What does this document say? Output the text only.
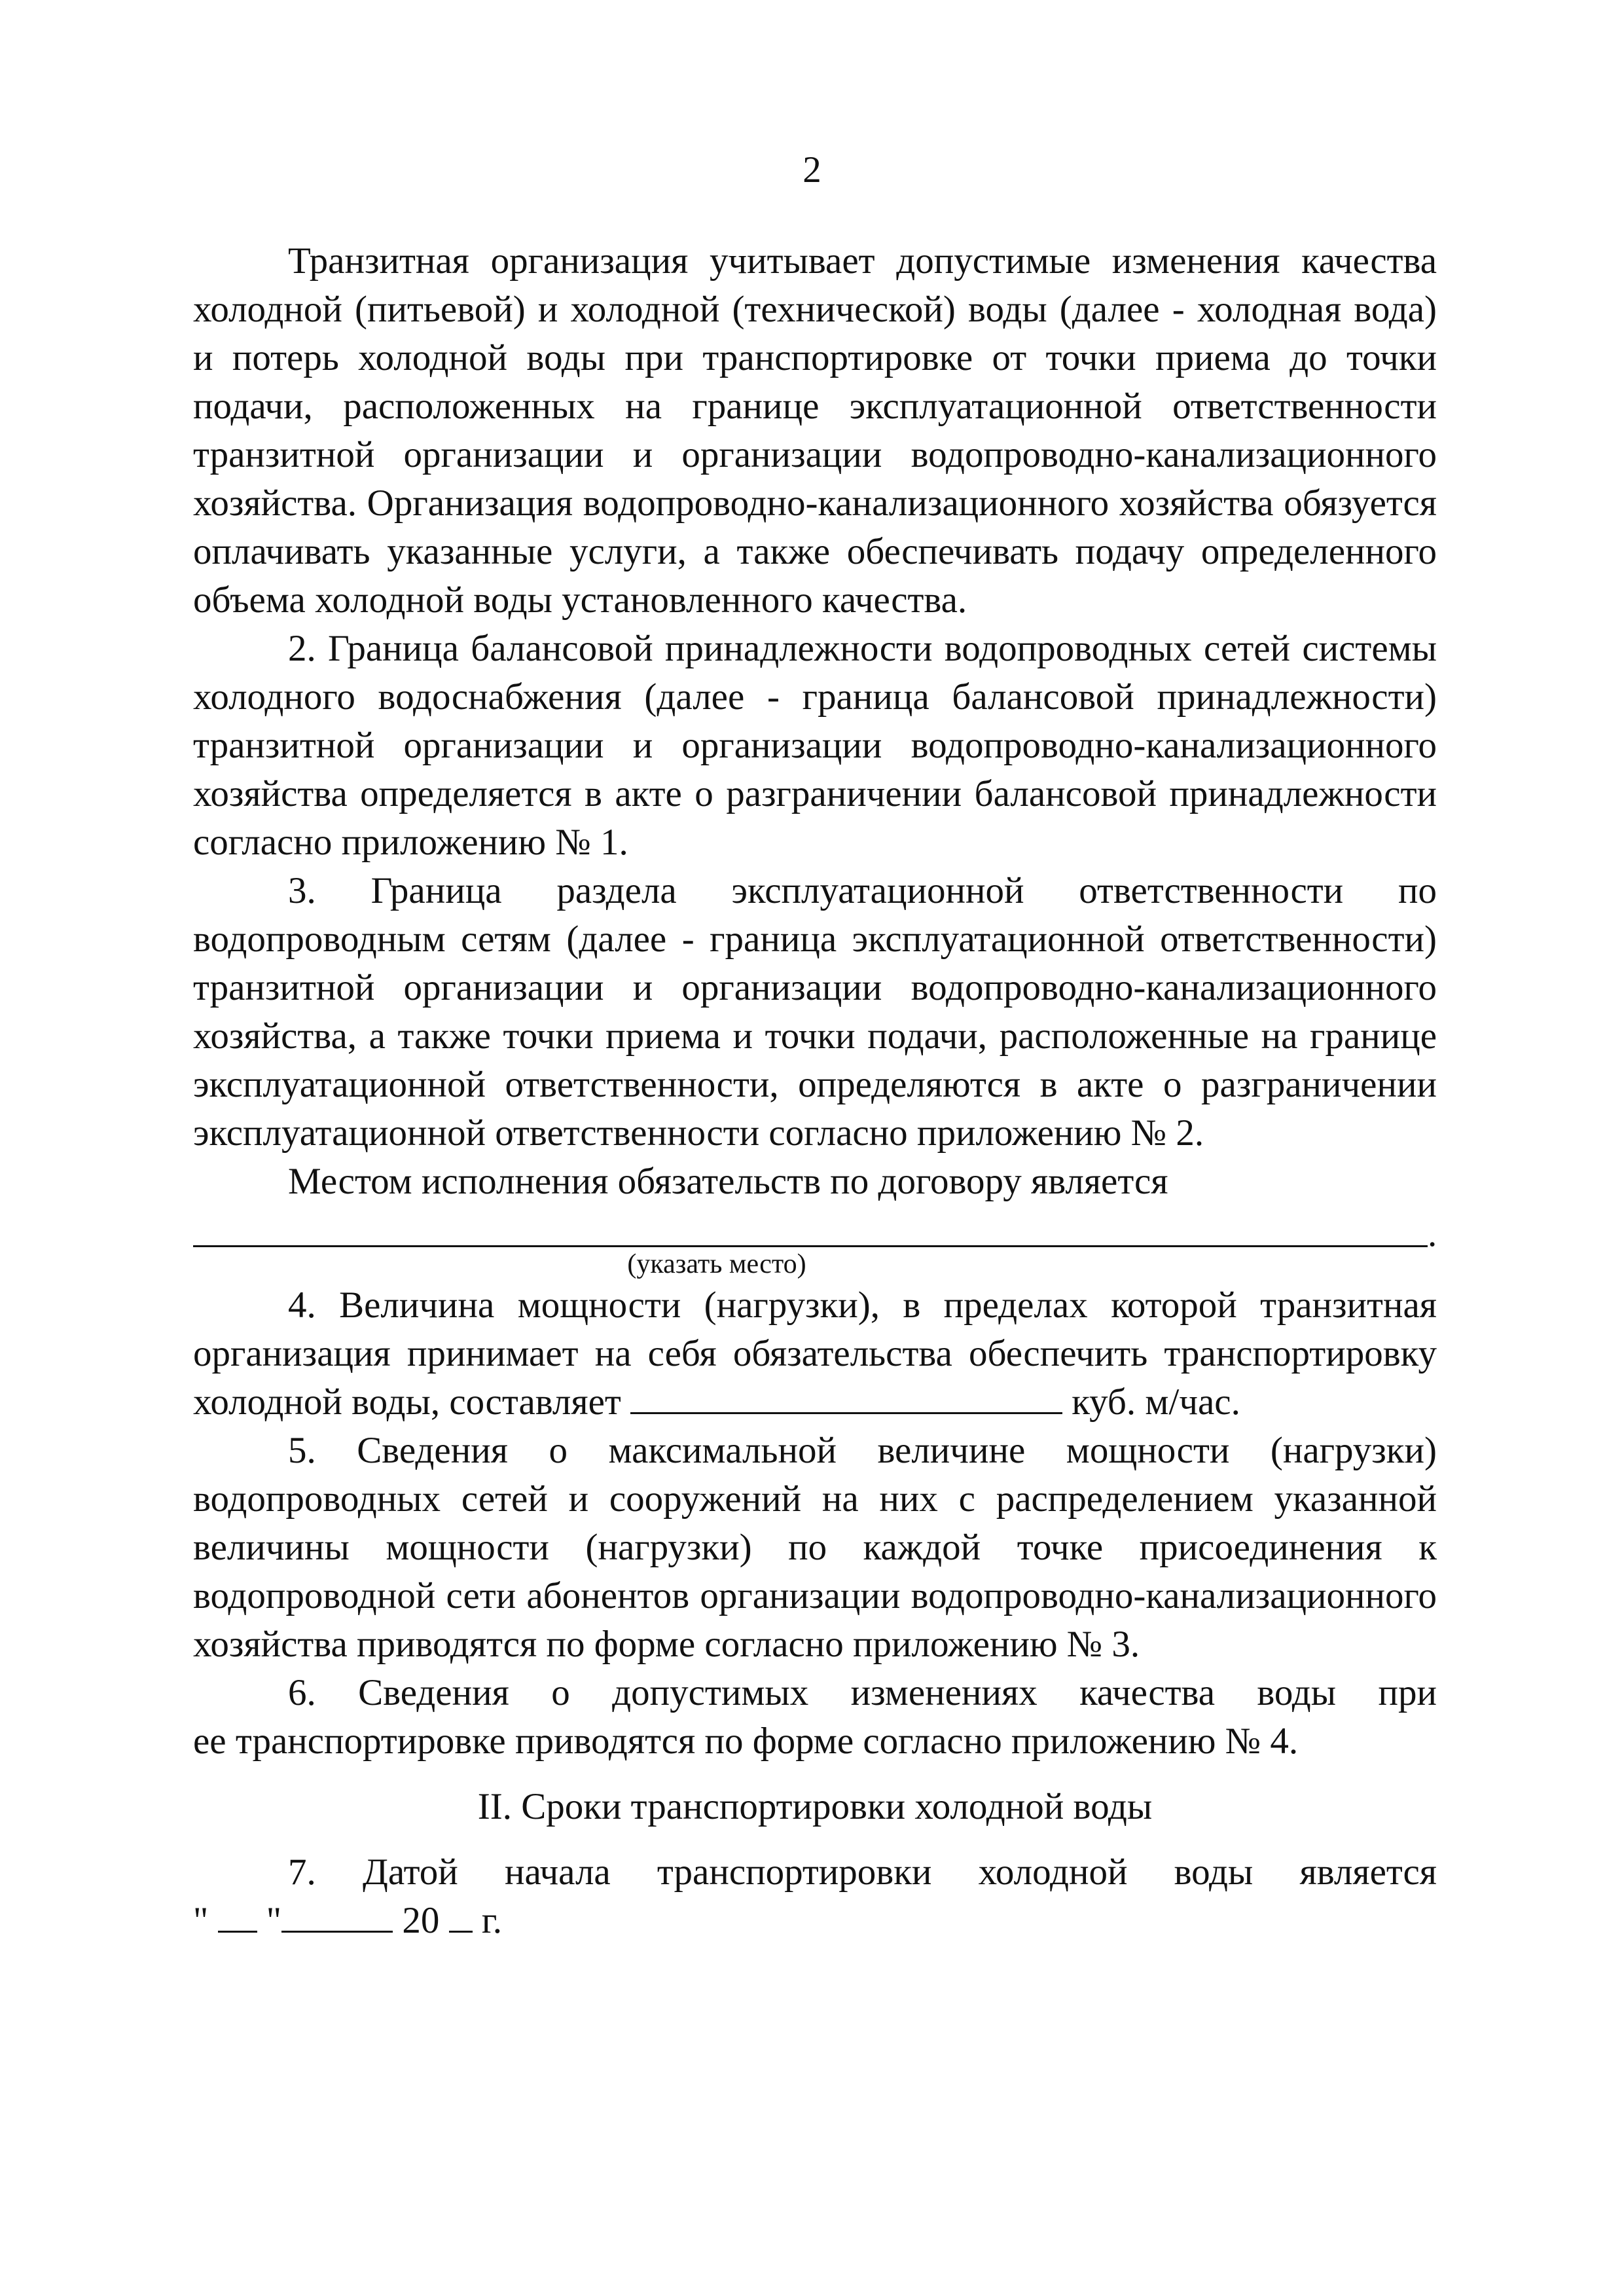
2

Транзитная организация учитывает допустимые изменения качества холодной (питьевой) и холодной (технической) воды (далее - холодная вода) и потерь холодной воды при транспортировке от точки приема до точки подачи, расположенных на границе эксплуатационной ответственности транзитной организации и организации водопроводно-канализационного хозяйства. Организация водопроводно-канализационного хозяйства обязуется оплачивать указанные услуги, а также обеспечивать подачу определенного объема холодной воды установленного качества.

2. Граница балансовой принадлежности водопроводных сетей системы холодного водоснабжения (далее - граница балансовой принадлежности) транзитной организации и организации водопроводно-канализационного хозяйства определяется в акте о разграничении балансовой принадлежности согласно приложению № 1.

3. Граница раздела эксплуатационной ответственности по водопроводным сетям (далее - граница эксплуатационной ответственности) транзитной организации и организации водопроводно-канализационного хозяйства, а также точки приема и точки подачи, расположенные на границе эксплуатационной ответственности, определяются в акте о разграничении эксплуатационной ответственности согласно приложению № 2.

Местом исполнения обязательств по договору является

.
(указать место)

4. Величина мощности (нагрузки), в пределах которой транзитная организация принимает на себя обязательства обеспечить транспортировку холодной воды, составляет	куб. м/час.

5. Сведения о максимальной величине мощности (нагрузки) водопроводных сетей и сооружений на них с распределением указанной величины мощности (нагрузки) по каждой точке присоединения к водопроводной сети абонентов организации водопроводно-канализационного хозяйства приводятся по форме согласно приложению № 3.

6. Сведения о допустимых изменениях качества воды при

ее транспортировке приводятся по форме согласно приложению № 4.

II. Сроки транспортировки холодной воды

7. Датой начала транспортировки холодной воды является

" "	20 г.
